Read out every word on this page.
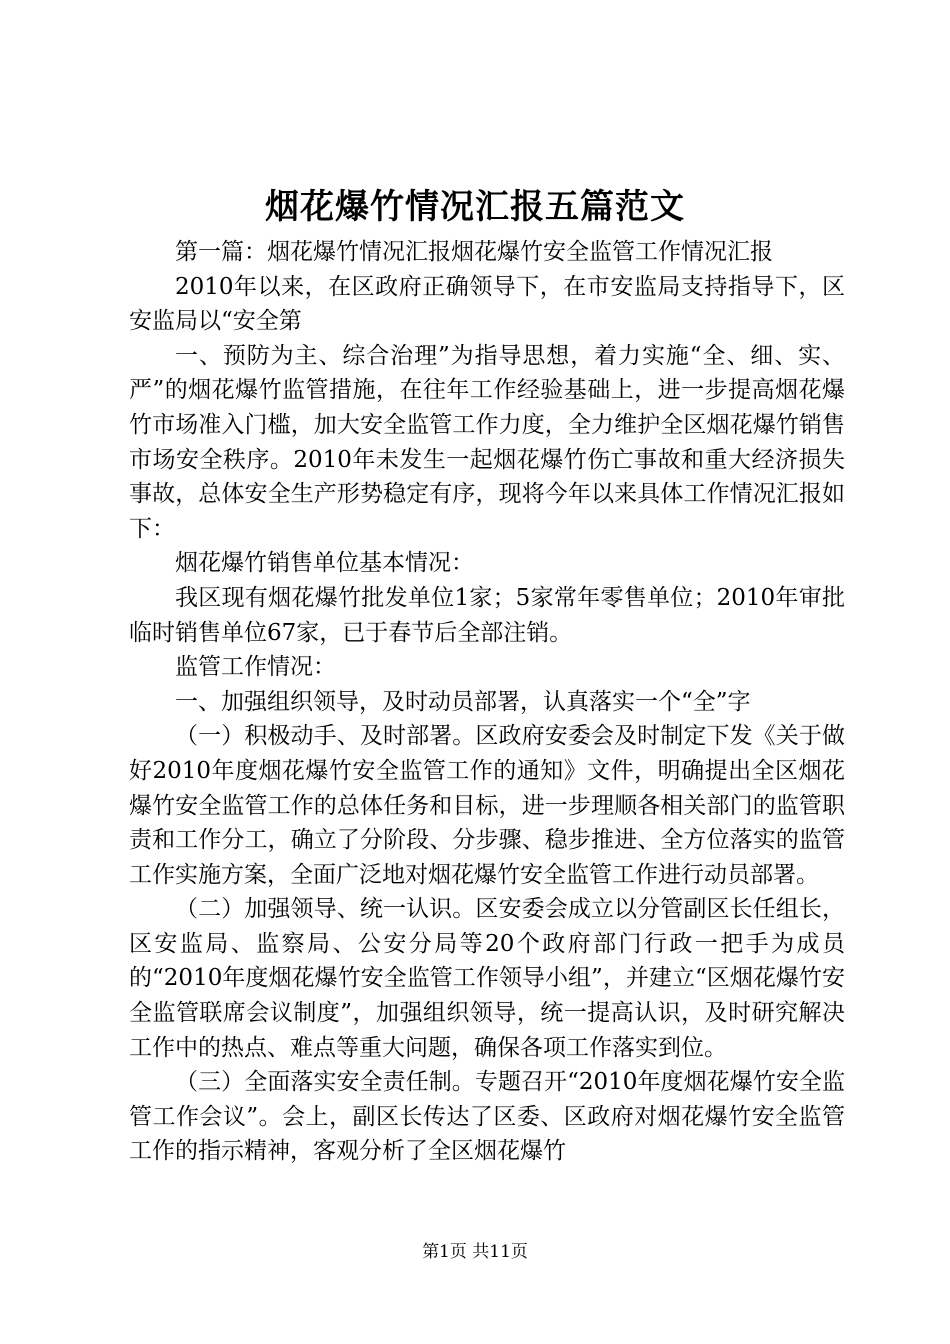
烟花爆竹情况汇报五篇范文

第一篇：烟花爆竹情况汇报烟花爆竹安全监管工作情况汇报

2010年以来，在区政府正确领导下，在市安监局支持指导下，区安监局以“安全第

一、预防为主、综合治理”为指导思想，着力实施“全、细、实、严”的烟花爆竹监管措施，在往年工作经验基础上，进一步提高烟花爆竹市场准入门槛，加大安全监管工作力度，全力维护全区烟花爆竹销售市场安全秩序。2010年未发生一起烟花爆竹伤亡事故和重大经济损失事故，总体安全生产形势稳定有序，现将今年以来具体工作情况汇报如下：

烟花爆竹销售单位基本情况：

我区现有烟花爆竹批发单位1家；5家常年零售单位；2010年审批临时销售单位67家，已于春节后全部注销。

监管工作情况：

一、加强组织领导，及时动员部署，认真落实一个“全”字

（一）积极动手、及时部署。区政府安委会及时制定下发《关于做好2010年度烟花爆竹安全监管工作的通知》文件，明确提出全区烟花爆竹安全监管工作的总体任务和目标，进一步理顺各相关部门的监管职责和工作分工，确立了分阶段、分步骤、稳步推进、全方位落实的监管工作实施方案，全面广泛地对烟花爆竹安全监管工作进行动员部署。

（二）加强领导、统一认识。区安委会成立以分管副区长任组长，区安监局、监察局、公安分局等20个政府部门行政一把手为成员的“2010年度烟花爆竹安全监管工作领导小组”，并建立“区烟花爆竹安全监管联席会议制度”，加强组织领导，统一提高认识，及时研究解决工作中的热点、难点等重大问题，确保各项工作落实到位。

（三）全面落实安全责任制。专题召开“2010年度烟花爆竹安全监管工作会议”。会上，副区长传达了区委、区政府对烟花爆竹安全监管工作的指示精神，客观分析了全区烟花爆竹

第1页 共11页
